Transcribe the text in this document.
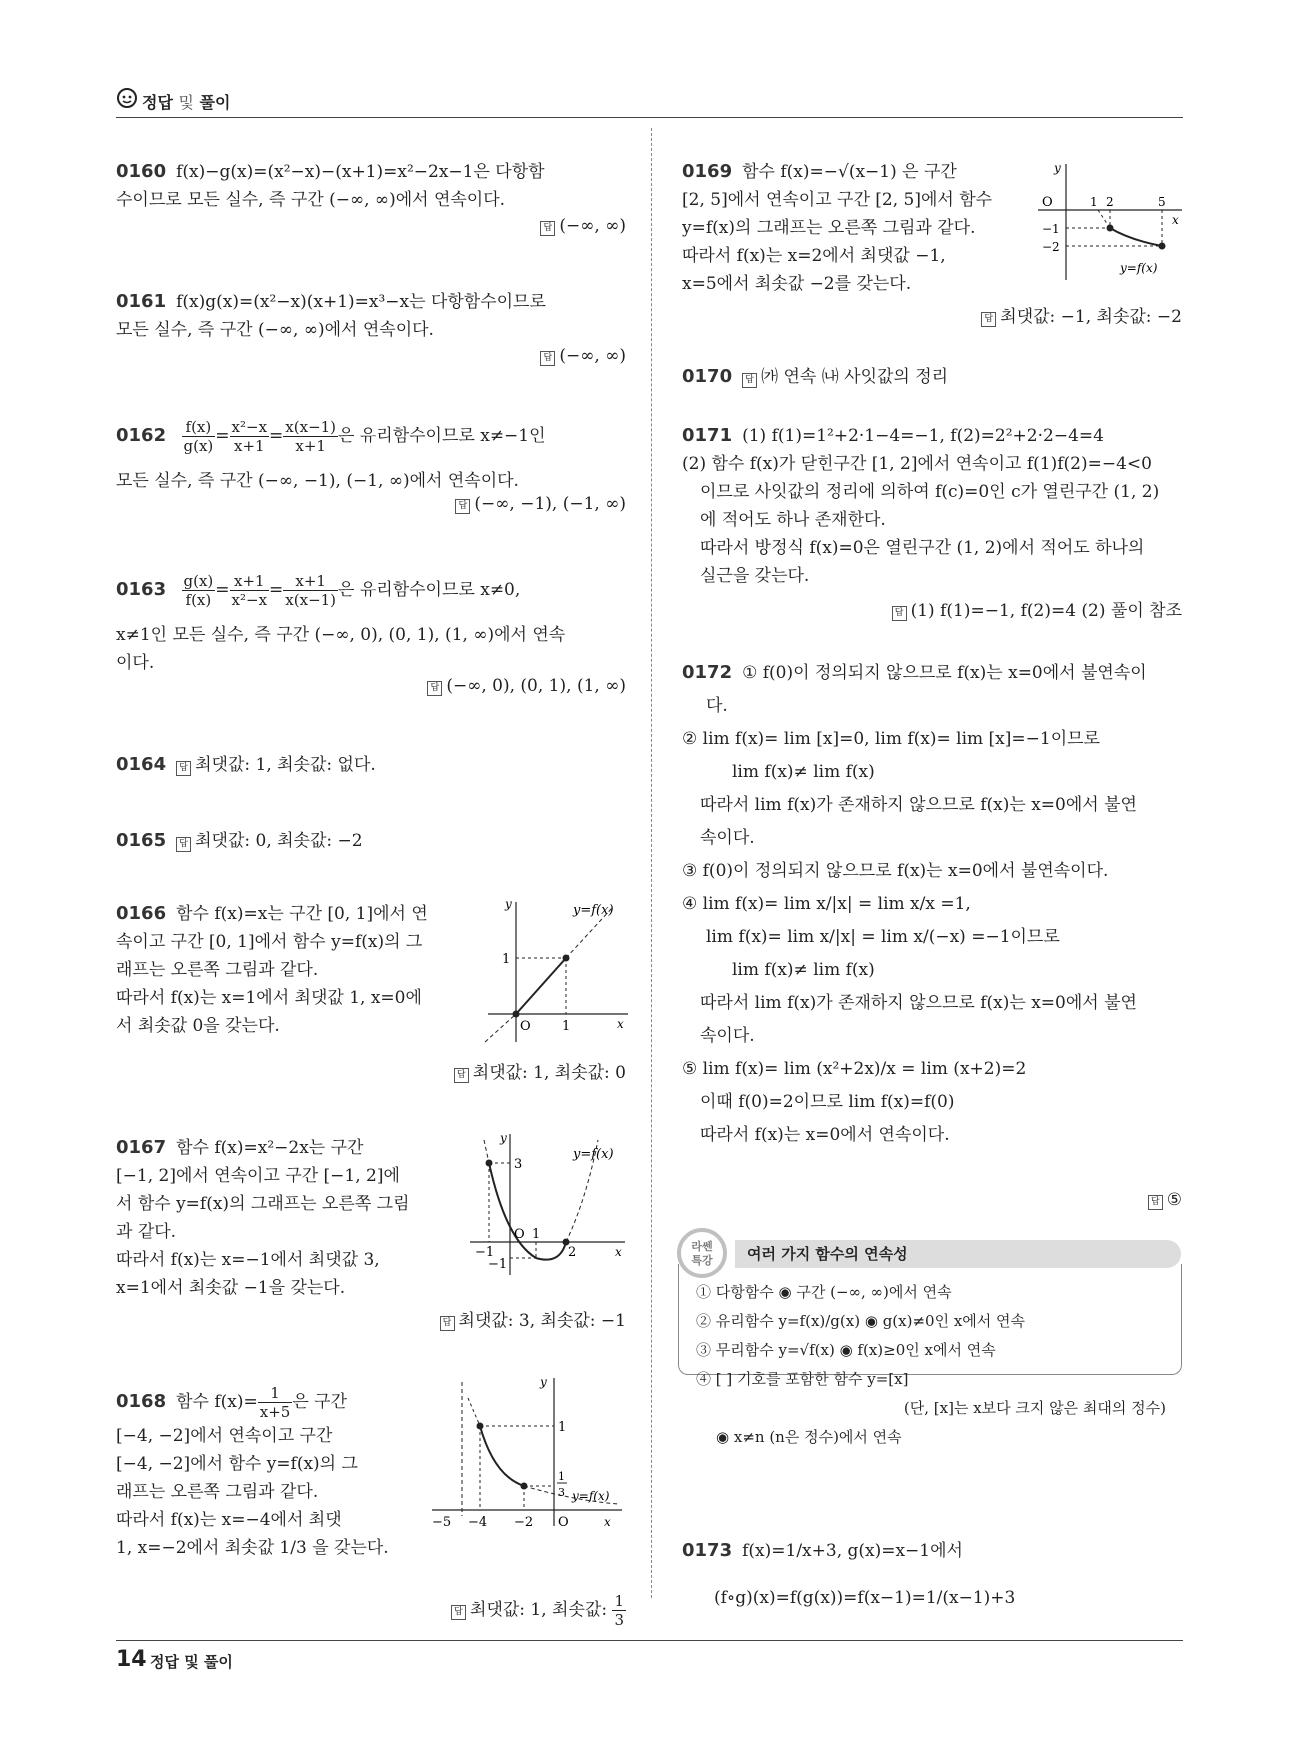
정답 및 풀이
0160 f(x)−g(x)=(x²−x)−(x+1)=x²−2x−1은 다항함
수이므로 모든 실수, 즉 구간 (−∞, ∞)에서 연속이다.
답 (−∞, ∞)
0161 f(x)g(x)=(x²−x)(x+1)=x³−x는 다항함수이므로
모든 실수, 즉 구간 (−∞, ∞)에서 연속이다.
답 (−∞, ∞)
$0162 \frac{f(x)}{g(x)} = \frac{\text{x²−x}}{x+1} = \frac{x(x-1)}{x+1}$ 은 유리함수이므로 x≠−1인
모든 실수, 즉 구간 (−∞, −1), (−1, ∞)에서 연속이다.
답 (−∞, −1), (−1, ∞)
$0163 \frac{g(x)}{f(x)} = \frac{x+1}{\text{x²−x}} = \frac{x+1}{x(x-1)}$ 은 유리함수이므로 x≠0,
x≠1인 모든 실수, 즉 구간 (−∞, 0), (0, 1), (1, ∞)에서 연속
이다.
답 (−∞, 0), (0, 1), (1, ∞)
0164 답 최댓값: 1, 최솟값: 없다.
0165 답 최댓값: 0, 최솟값: −2
0166 함수 f(x)=x는 구간 [0, 1]에서 연
속이고 구간 [0, 1]에서 함수 y=f(x)의 그
래프는 오른쪽 그림과 같다.
따라서 f(x)는 x=1에서 최댓값 1, x=0에
서 최솟값 0을 갖는다.
y
x
O
y=f(x)
1
1
답 최댓값: 1, 최솟값: 0
0167 함수 f(x)=x²−2x는 구간
[−1, 2]에서 연속이고 구간 [−1, 2]에
서 함수 y=f(x)의 그래프는 오른쪽 그림
과 같다.
따라서 f(x)는 x=−1에서 최댓값 3,
x=1에서 최솟값 −1을 갖는다.
y
x
O
y=f(x)
3
−1
−1
1
2
답 최댓값: 3, 최솟값: −1
0168 함수 $f(x)= \frac{1}{x+5}$ 은 구간
[−4, −2]에서 연속이고 구간
[−4, −2]에서 함수 y=f(x)의 그
래프는 오른쪽 그림과 같다.
따라서 f(x)는 x=−4에서 최댓
1, x=−2에서 최솟값 1/3 을 갖는다.
y
x
O
y=f(x)
1
1
3
−5 −4 −2
답 최댓값: 1, 최솟값: $\frac{1}{3}$
0169 함수 f(x)=−√(x−1) 은 구간
[2, 5]에서 연속이고 구간 [2, 5]에서 함수
y=f(x)의 그래프는 오른쪽 그림과 같다.
따라서 f(x)는 x=2에서 최댓값 −1,
x=5에서 최솟값 −2를 갖는다.
y
x
O	1 2	5
−1
−2
y=f(x)
답 최댓값: −1, 최솟값: −2
0170 답 ㈎ 연속 ㈏ 사잇값의 정리
0171 (1) f(1)=1²+2·1−4=−1, f(2)=2²+2·2−4=4
(2) 함수 f(x)가 닫힌구간 [1, 2]에서 연속이고 f(1)f(2)=−4<0
이므로 사잇값의 정리에 의하여 f(c)=0인 c가 열린구간 (1, 2)
에 적어도 하나 존재한다.
따라서 방정식 f(x)=0은 열린구간 (1, 2)에서 적어도 하나의
실근을 갖는다.
답 (1) f(1)=−1, f(2)=4 (2) 풀이 참조
0172 ① f(0)이 정의되지 않으므로 f(x)는 x=0에서 불연속이
다.
② lim f(x)= lim [x]=0, lim f(x)= lim [x]=−1이므로
lim f(x)≠ lim f(x)
따라서 lim f(x)가 존재하지 않으므로 f(x)는 x=0에서 불연
속이다.
③ f(0)이 정의되지 않으므로 f(x)는 x=0에서 불연속이다.
④ lim f(x)= lim x/|x| = lim x/x =1,
lim f(x)= lim x/|x| = lim x/(−x) =−1이므로
lim f(x)≠ lim f(x)
따라서 lim f(x)가 존재하지 않으므로 f(x)는 x=0에서 불연
속이다.
⑤ lim f(x)= lim (x²+2x)/x = lim (x+2)=2
이때 f(0)=2이므로 lim f(x)=f(0)
따라서 f(x)는 x=0에서 연속이다.
답 ⑤
여러 가지 함수의 연속성
라쎈
특강
① 다항함수 ◉ 구간 (−∞, ∞)에서 연속
② 유리함수 y=f(x)/g(x) ◉ g(x)≠0인 x에서 연속
③ 무리함수 y=√f(x) ◉ f(x)≥0인 x에서 연속
④ [ ] 기호를 포함한 함수 y=[x]
(단, [x]는 x보다 크지 않은 최대의 정수)
◉ x≠n (n은 정수)에서 연속
0173 f(x)=1/x+3, g(x)=x−1에서
(f∘g)(x)=f(g(x))=f(x−1)=1/(x−1)+3
14 정답 및 풀이
